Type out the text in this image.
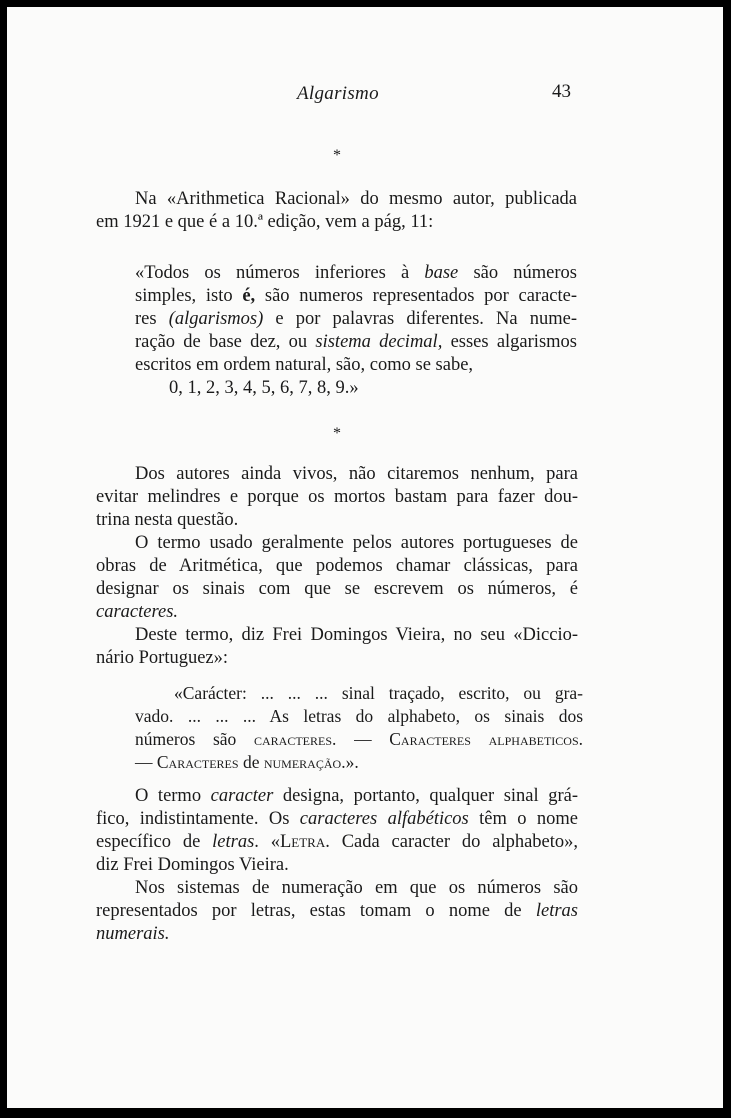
Algarismo	43
*
Na «Arithmetica Racional» do mesmo autor, publicada
em 1921 e que é a 10.ª edição, vem a pág, 11:
«Todos os números inferiores à base são números
simples, isto é, são numeros representados por caracte-
res (algarismos) e por palavras diferentes. Na nume-
ração de base dez, ou sistema decimal, esses algarismos
escritos em ordem natural, são, como se sabe,
0, 1, 2, 3, 4, 5, 6, 7, 8, 9.»
*
Dos autores ainda vivos, não citaremos nenhum, para
evitar melindres e porque os mortos bastam para fazer dou-
trina nesta questão.
O termo usado geralmente pelos autores portugueses de
obras de Aritmética, que podemos chamar clássicas, para
designar os sinais com que se escrevem os números, é
caracteres.
Deste termo, diz Frei Domingos Vieira, no seu «Diccio-
nário Portuguez»:
«Carácter: ... ... ... sinal traçado, escrito, ou gra-
vado. ... ... ... As letras do alphabeto, os sinais dos
números são caracteres. — Caracteres alphabeticos.
— Caracteres de numeração.».
O termo caracter designa, portanto, qualquer sinal grá-
fico, indistintamente. Os caracteres alfabéticos têm o nome
específico de letras. «Letra. Cada caracter do alphabeto»,
diz Frei Domingos Vieira.
Nos sistemas de numeração em que os números são
representados por letras, estas tomam o nome de letras
numerais.
